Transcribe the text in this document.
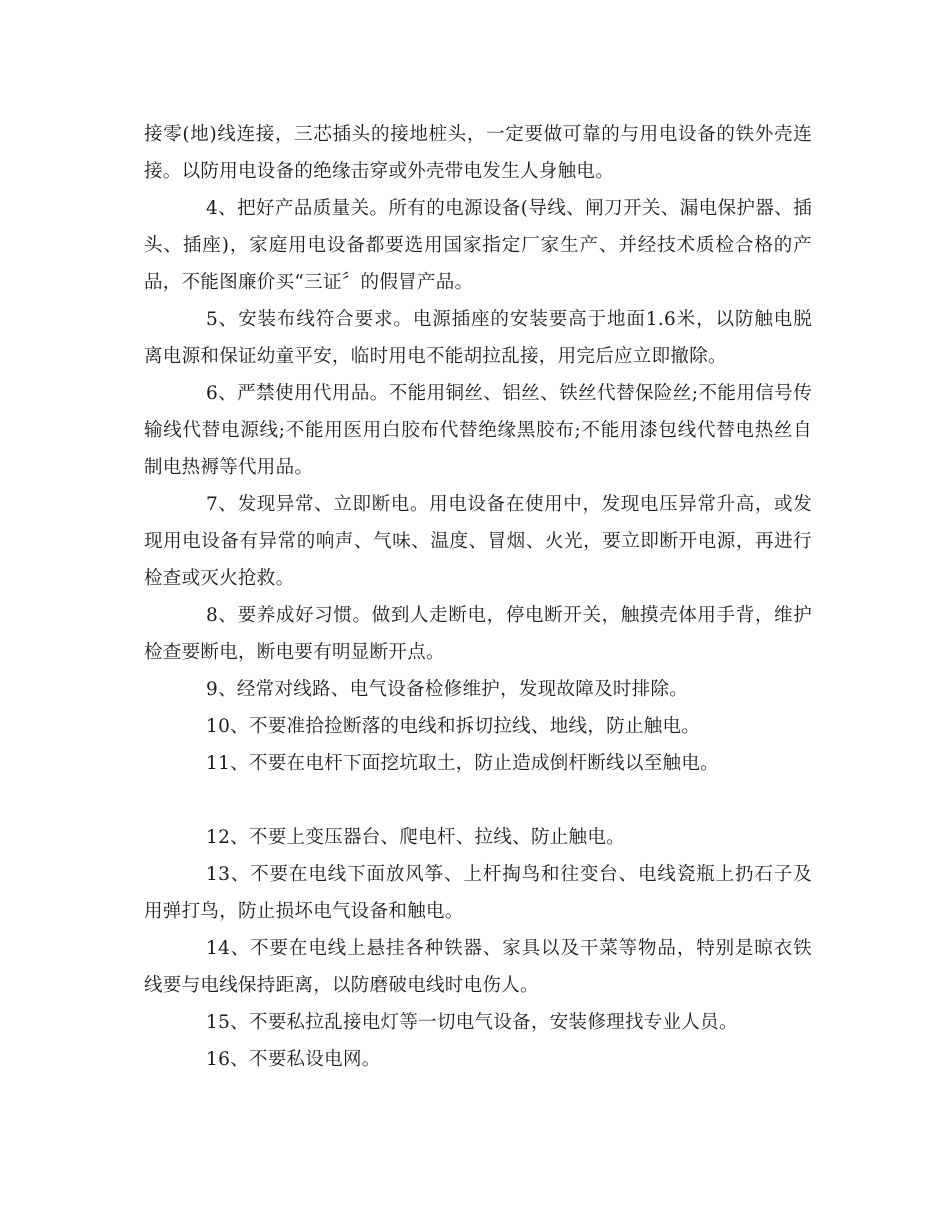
接零(地)线连接，三芯插头的接地桩头，一定要做可靠的与用电设备的铁外壳连接。以防用电设备的绝缘击穿或外壳带电发生人身触电。

4、把好产品质量关。所有的电源设备(导线、闸刀开关、漏电保护器、插头、插座)，家庭用电设备都要选用国家指定厂家生产、并经技术质检合格的产品，不能图廉价买“三证〞的假冒产品。

5、安装布线符合要求。电源插座的安装要高于地面1.6米，以防触电脱离电源和保证幼童平安，临时用电不能胡拉乱接，用完后应立即撤除。

6、严禁使用代用品。不能用铜丝、铝丝、铁丝代替保险丝;不能用信号传输线代替电源线;不能用医用白胶布代替绝缘黑胶布;不能用漆包线代替电热丝自制电热褥等代用品。

7、发现异常、立即断电。用电设备在使用中，发现电压异常升高，或发现用电设备有异常的响声、气味、温度、冒烟、火光，要立即断开电源，再进行检查或灭火抢救。

8、要养成好习惯。做到人走断电，停电断开关，触摸壳体用手背，维护检查要断电，断电要有明显断开点。

9、经常对线路、电气设备检修维护，发现故障及时排除。

10、不要准拾捡断落的电线和拆切拉线、地线，防止触电。

11、不要在电杆下面挖坑取土，防止造成倒杆断线以至触电。

12、不要上变压器台、爬电杆、拉线、防止触电。

13、不要在电线下面放风筝、上杆掏鸟和往变台、电线瓷瓶上扔石子及用弹打鸟，防止损坏电气设备和触电。

14、不要在电线上悬挂各种铁器、家具以及干菜等物品，特别是晾衣铁线要与电线保持距离，以防磨破电线时电伤人。

15、不要私拉乱接电灯等一切电气设备，安装修理找专业人员。

16、不要私设电网。
